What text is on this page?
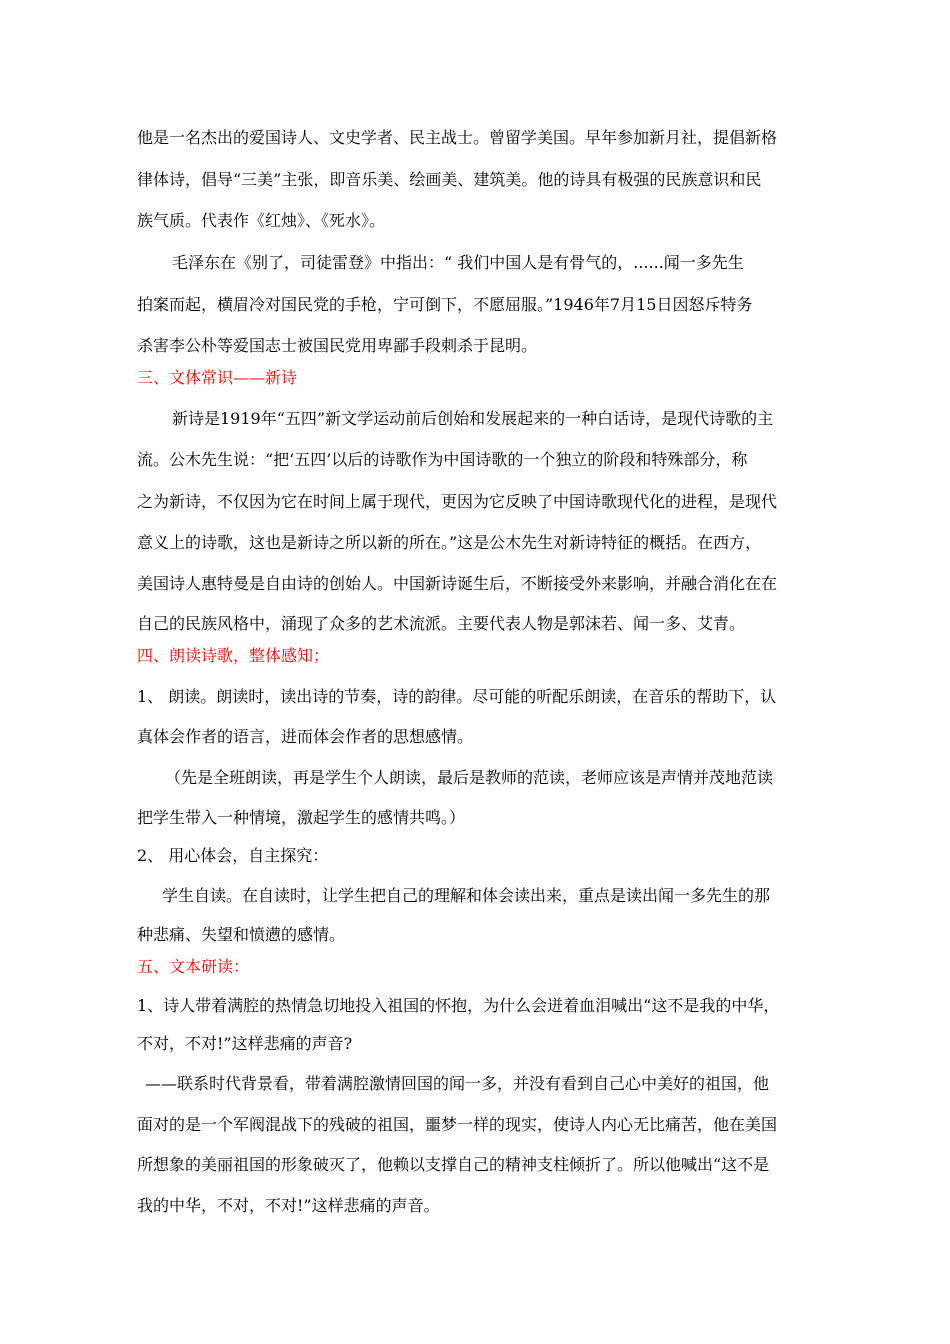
他是一名杰出的爱国诗人、文史学者、民主战士。曾留学美国。早年参加新月社，提倡新格
律体诗，倡导“三美”主张，即音乐美、绘画美、建筑美。他的诗具有极强的民族意识和民
族气质。代表作《红烛》、《死水》。
毛泽东在《别了，司徒雷登》中指出：“ 我们中国人是有骨气的，......闻一多先生
拍案而起，横眉冷对国民党的手枪，宁可倒下，不愿屈服。”1946年7月15日因怒斥特务
杀害李公朴等爱国志士被国民党用卑鄙手段刺杀于昆明。
三、文体常识——新诗
新诗是1919年“五四”新文学运动前后创始和发展起来的一种白话诗，是现代诗歌的主
流。公木先生说：“把‘五四’以后的诗歌作为中国诗歌的一个独立的阶段和特殊部分，称
之为新诗，不仅因为它在时间上属于现代，更因为它反映了中国诗歌现代化的进程，是现代
意义上的诗歌，这也是新诗之所以新的所在。”这是公木先生对新诗特征的概括。在西方，
美国诗人惠特曼是自由诗的创始人。中国新诗诞生后，不断接受外来影响，并融合消化在在
自己的民族风格中，涌现了众多的艺术流派。主要代表人物是郭沫若、闻一多、艾青。
四、朗读诗歌，整体感知；
1、 朗读。朗读时，读出诗的节奏，诗的韵律。尽可能的听配乐朗读，在音乐的帮助下，认
真体会作者的语言，进而体会作者的思想感情。
（先是全班朗读，再是学生个人朗读，最后是教师的范读，老师应该是声情并茂地范读
把学生带入一种情境，激起学生的感情共鸣。）
2、 用心体会，自主探究：
学生自读。在自读时，让学生把自己的理解和体会读出来，重点是读出闻一多先生的那
种悲痛、失望和愤懑的感情。
五、文本研读：
1、诗人带着满腔的热情急切地投入祖国的怀抱，为什么会迸着血泪喊出“这不是我的中华，
不对，不对!”这样悲痛的声音?
——联系时代背景看，带着满腔激情回国的闻一多，并没有看到自己心中美好的祖国，他
面对的是一个军阀混战下的残破的祖国，噩梦一样的现实，使诗人内心无比痛苦，他在美国
所想象的美丽祖国的形象破灭了，他赖以支撑自己的精神支柱倾折了。所以他喊出“这不是
我的中华，不对，不对!”这样悲痛的声音。
